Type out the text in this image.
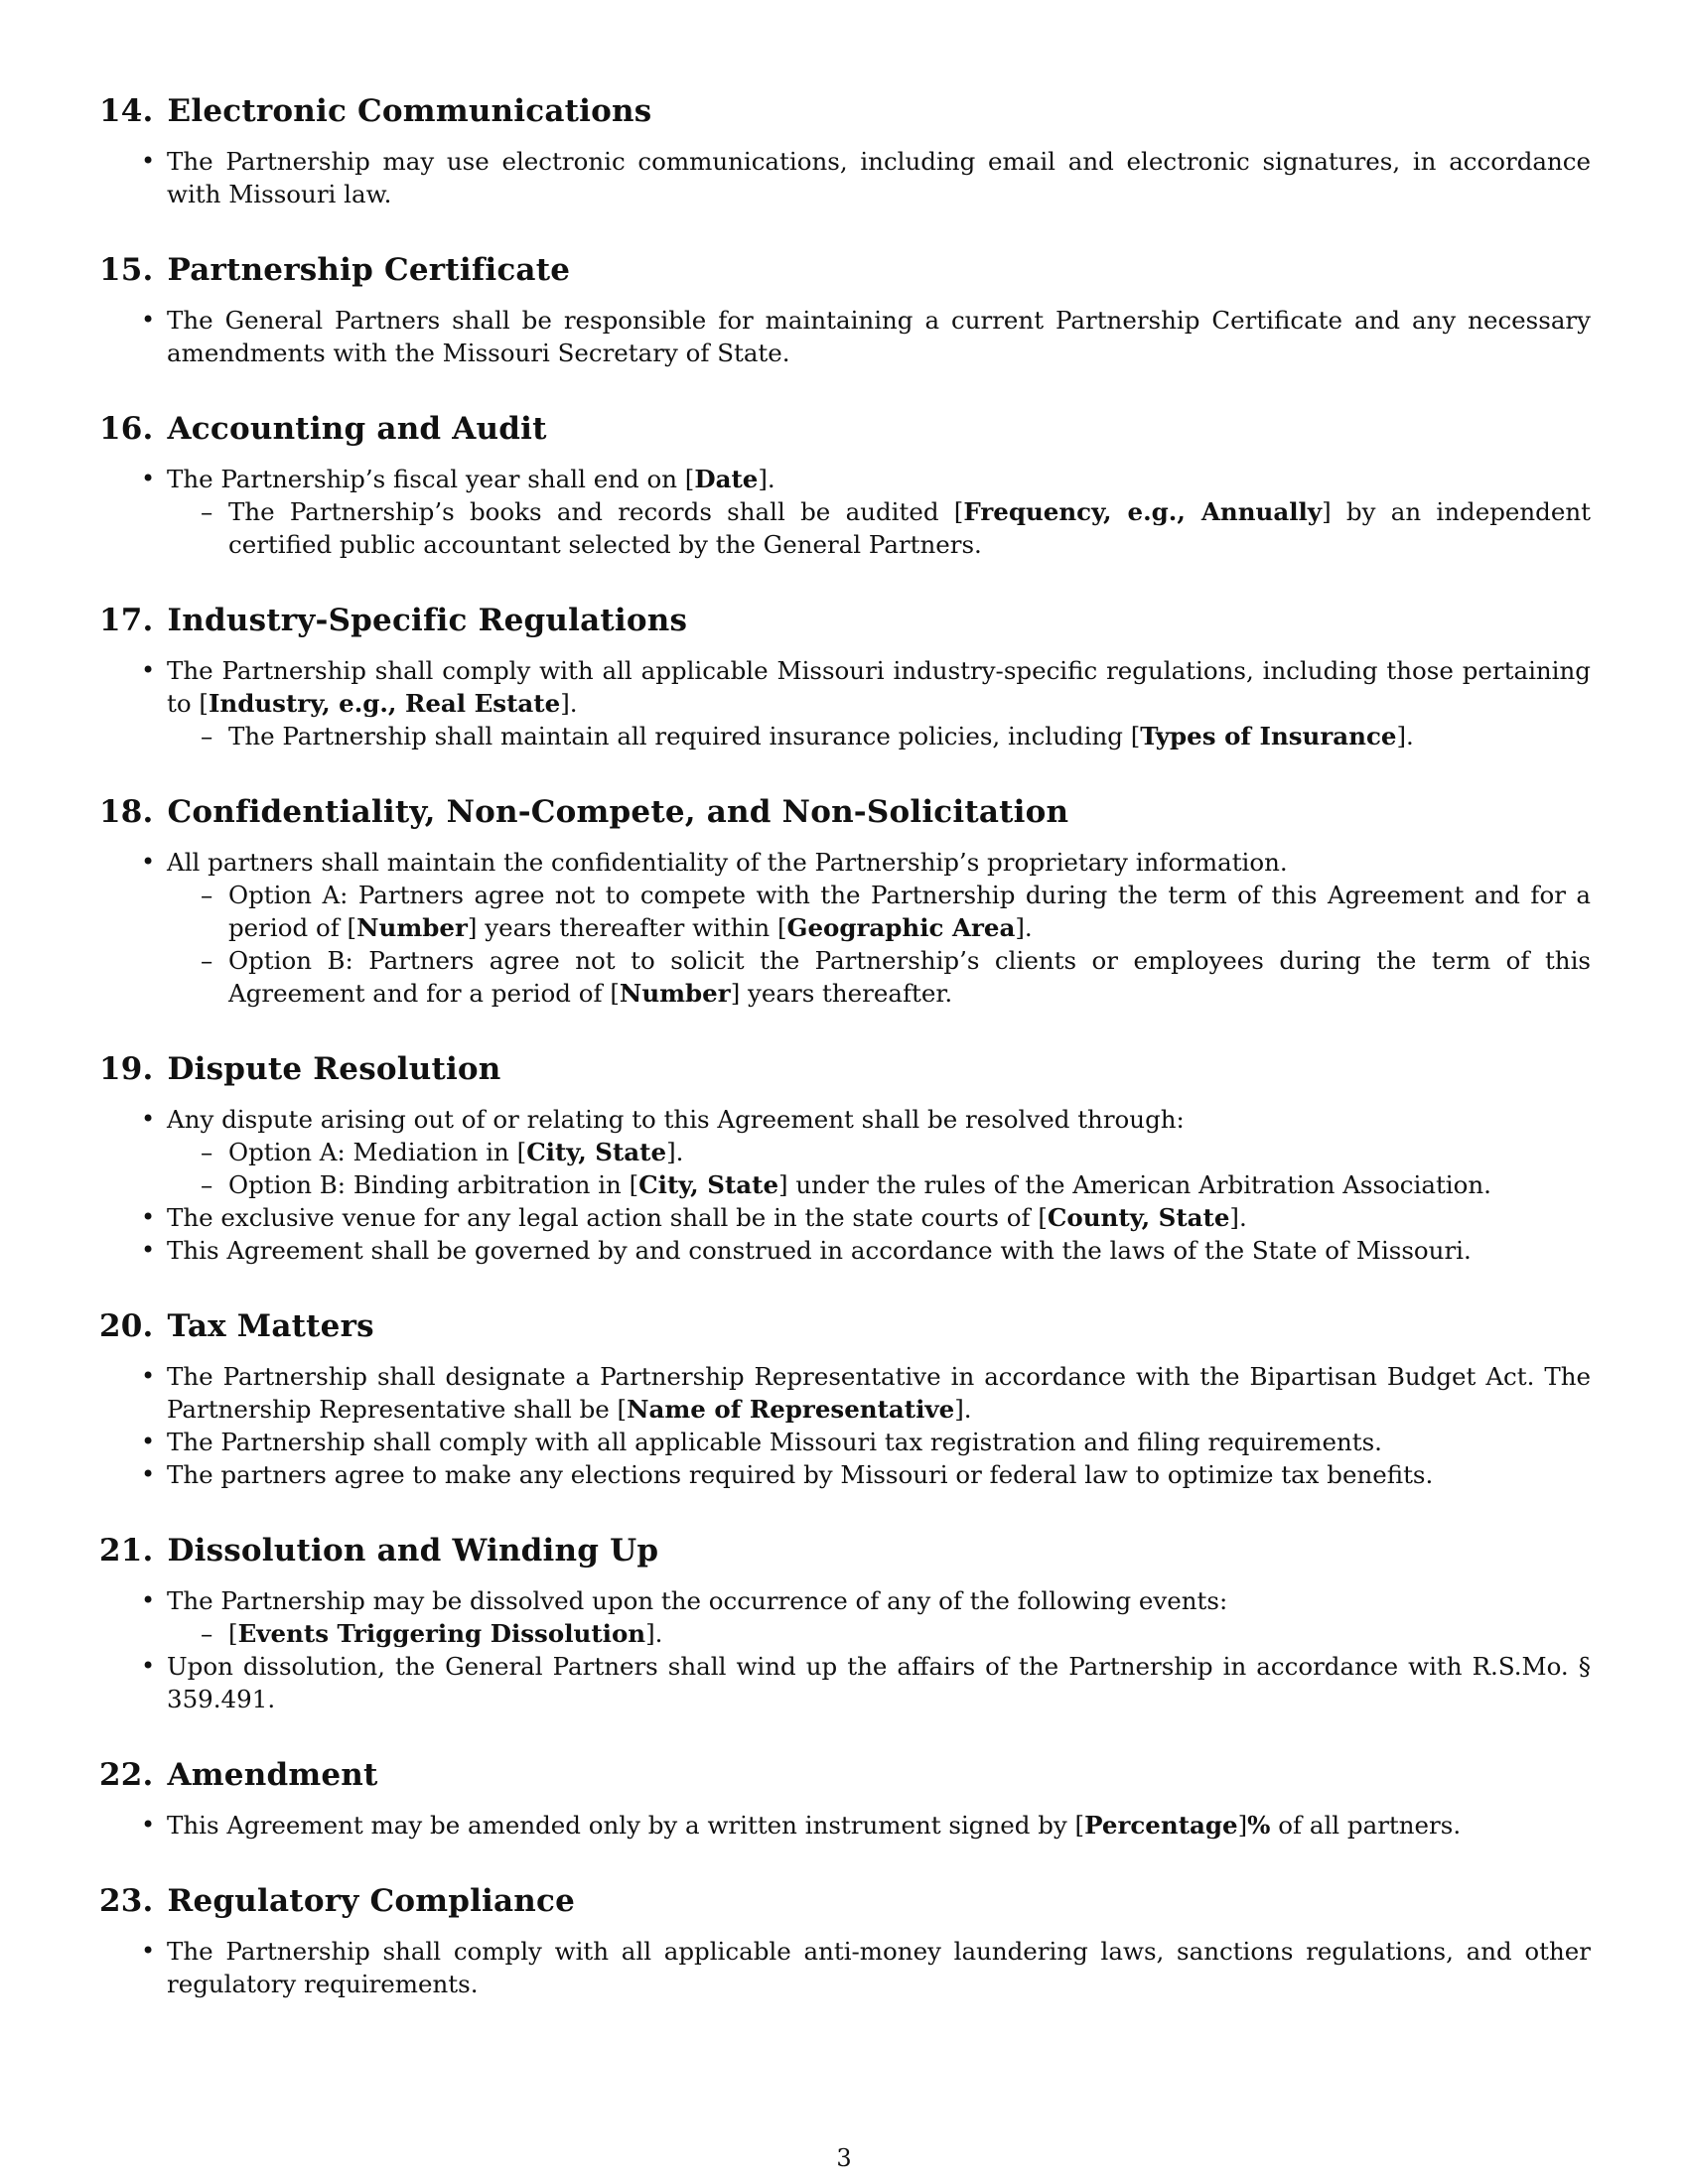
14. Electronic Communications
• The Partnership may use electronic communications, including email and electronic signatures, in accordance with Missouri law.
15. Partnership Certificate
• The General Partners shall be responsible for maintaining a current Partnership Certificate and any necessary amendments with the Missouri Secretary of State.
16. Accounting and Audit
• The Partnership’s fiscal year shall end on [Date].
– The Partnership’s books and records shall be audited [Frequency, e.g., Annually] by an independent certified public accountant selected by the General Partners.
17. Industry-Specific Regulations
• The Partnership shall comply with all applicable Missouri industry-specific regulations, including those pertaining to [Industry, e.g., Real Estate].
– The Partnership shall maintain all required insurance policies, including [Types of Insurance].
18. Confidentiality, Non-Compete, and Non-Solicitation
• All partners shall maintain the confidentiality of the Partnership’s proprietary information.
– Option A: Partners agree not to compete with the Partnership during the term of this Agreement and for a period of [Number] years thereafter within [Geographic Area].
– Option B: Partners agree not to solicit the Partnership’s clients or employees during the term of this Agreement and for a period of [Number] years thereafter.
19. Dispute Resolution
• Any dispute arising out of or relating to this Agreement shall be resolved through:
– Option A: Mediation in [City, State].
– Option B: Binding arbitration in [City, State] under the rules of the American Arbitration Association.
• The exclusive venue for any legal action shall be in the state courts of [County, State].
• This Agreement shall be governed by and construed in accordance with the laws of the State of Missouri.
20. Tax Matters
• The Partnership shall designate a Partnership Representative in accordance with the Bipartisan Budget Act. The Partnership Representative shall be [Name of Representative].
• The Partnership shall comply with all applicable Missouri tax registration and filing requirements.
• The partners agree to make any elections required by Missouri or federal law to optimize tax benefits.
21. Dissolution and Winding Up
• The Partnership may be dissolved upon the occurrence of any of the following events:
– [Events Triggering Dissolution].
• Upon dissolution, the General Partners shall wind up the affairs of the Partnership in accordance with R.S.Mo. § 359.491.
22. Amendment
• This Agreement may be amended only by a written instrument signed by [Percentage]% of all partners.
23. Regulatory Compliance
• The Partnership shall comply with all applicable anti-money laundering laws, sanctions regulations, and other regulatory requirements.
3
